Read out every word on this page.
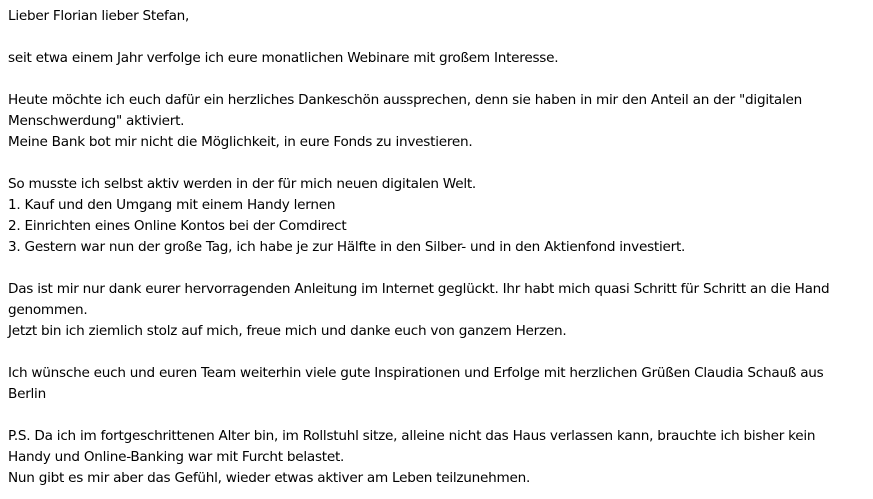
Lieber Florian lieber Stefan,

seit etwa einem Jahr verfolge ich eure monatlichen Webinare mit großem Interesse.

Heute möchte ich euch dafür ein herzliches Dankeschön aussprechen, denn sie haben in mir den Anteil an der "digitalen
Menschwerdung" aktiviert.
Meine Bank bot mir nicht die Möglichkeit, in eure Fonds zu investieren.

So musste ich selbst aktiv werden in der für mich neuen digitalen Welt.
1. Kauf und den Umgang mit einem Handy lernen
2. Einrichten eines Online Kontos bei der Comdirect
3. Gestern war nun der große Tag, ich habe je zur Hälfte in den Silber- und in den Aktienfond investiert.

Das ist mir nur dank eurer hervorragenden Anleitung im Internet geglückt. Ihr habt mich quasi Schritt für Schritt an die Hand
genommen.
Jetzt bin ich ziemlich stolz auf mich, freue mich und danke euch von ganzem Herzen.

Ich wünsche euch und euren Team weiterhin viele gute Inspirationen und Erfolge mit herzlichen Grüßen Claudia Schauß aus
Berlin

P.S. Da ich im fortgeschrittenen Alter bin, im Rollstuhl sitze, alleine nicht das Haus verlassen kann, brauchte ich bisher kein
Handy und Online-Banking war mit Furcht belastet.
Nun gibt es mir aber das Gefühl, wieder etwas aktiver am Leben teilzunehmen.
